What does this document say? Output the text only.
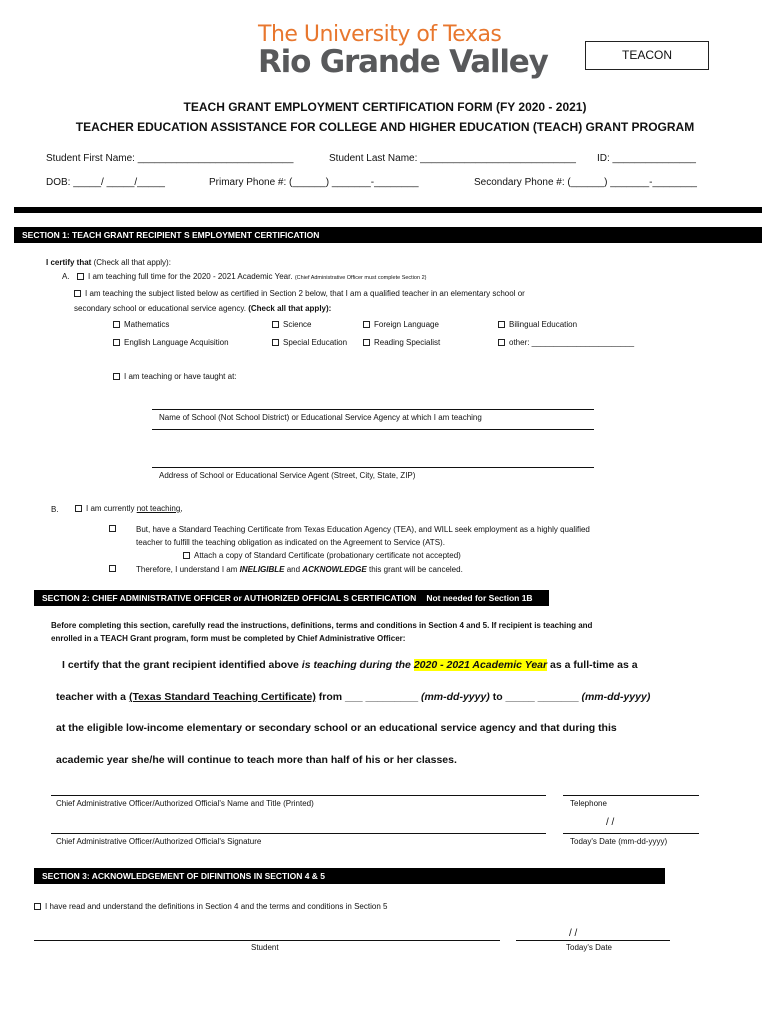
The University of Texas
Rio Grande Valley	TEACON
TEACH GRANT EMPLOYMENT CERTIFICATION FORM (FY 2020 - 2021)
TEACHER EDUCATION ASSISTANCE FOR COLLEGE AND HIGHER EDUCATION (TEACH) GRANT PROGRAM
Student First Name: ____________________________	Student Last Name: ____________________________ ID: _______________
DOB: _____/ _____/_____	Primary Phone #: (______) _______-________	Secondary Phone #: (______) _______-________
SECTION 1: TEACH GRANT RECIPIENT S EMPLOYMENT CERTIFICATION
I certify that (Check all that apply):
A.	I am teaching full time for the 2020 - 2021 Academic Year. (Chief Administrative Officer must complete Section 2)
I am teaching the subject listed below as certified in Section 2 below, that I am a qualified teacher in an elementary school or
secondary school or educational service agency. (Check all that apply):
Mathematics	Science	Foreign Language	Bilingual Education
English Language Acquisition	Special Education	Reading Specialist	other: _______________________
I am teaching or have taught at:
Name of School (Not School District) or Educational Service Agency at which I am teaching
Address of School or Educational Service Agent (Street, City, State, ZIP)
B.	I am currently not teaching,
But, have a Standard Teaching Certificate from Texas Education Agency (TEA), and WILL seek employment as a highly qualified
teacher to fulfill the teaching obligation as indicated on the Agreement to Service (ATS).
Attach a copy of Standard Certificate (probationary certificate not accepted)
Therefore, I understand I am INELIGIBLE and ACKNOWLEDGE this grant will be canceled.
SECTION 2: CHIEF ADMINISTRATIVE OFFICER or AUTHORIZED OFFICIAL S CERTIFICATION Not needed for Section 1B
Before completing this section, carefully read the instructions, definitions, terms and conditions in Section 4 and 5. If recipient is teaching and
enrolled in a TEACH Grant program, form must be completed by Chief Administrative Officer:
I certify that the grant recipient identified above is teaching during the 2020 - 2021 Academic Year as a full-time as a
teacher with a (Texas Standard Teaching Certificate) from ___ _________ (mm-dd-yyyy) to _____ _______ (mm-dd-yyyy)
at the eligible low-income elementary or secondary school or an educational service agency and that during this
academic year she/he will continue to teach more than half of his or her classes.
Chief Administrative Officer/Authorized Official's Name and Title (Printed)	Telephone
/ /
Chief Administrative Officer/Authorized Official's Signature	Today's Date (mm-dd-yyyy)
SECTION 3: ACKNOWLEDGEMENT OF DIFINITIONS IN SECTION 4 & 5
I have read and understand the definitions in Section 4 and the terms and conditions in Section 5
/ /
Student	Today's Date
